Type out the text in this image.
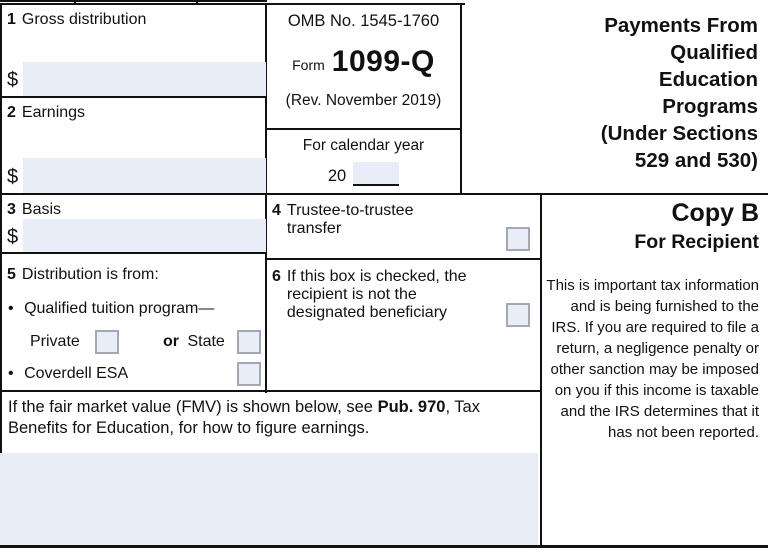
1 Gross distribution
$
2 Earnings
$
3 Basis
$
5 Distribution is from:
• Qualified tuition program—
Private	or State
• Coverdell ESA
OMB No. 1545-1760
Form 1099-Q
(Rev. November 2019)
For calendar year
20
4 Trustee-to-trustee transfer
6 If this box is checked, the recipient is not the designated beneficiary
If the fair market value (FMV) is shown below, see Pub. 970, Tax Benefits for Education, for how to figure earnings.
Payments From
Qualified
Education
Programs
(Under Sections
529 and 530)
Copy B
For Recipient
This is important tax information and is being furnished to the IRS. If you are required to file a return, a negligence penalty or other sanction may be imposed on you if this income is taxable and the IRS determines that it has not been reported.
